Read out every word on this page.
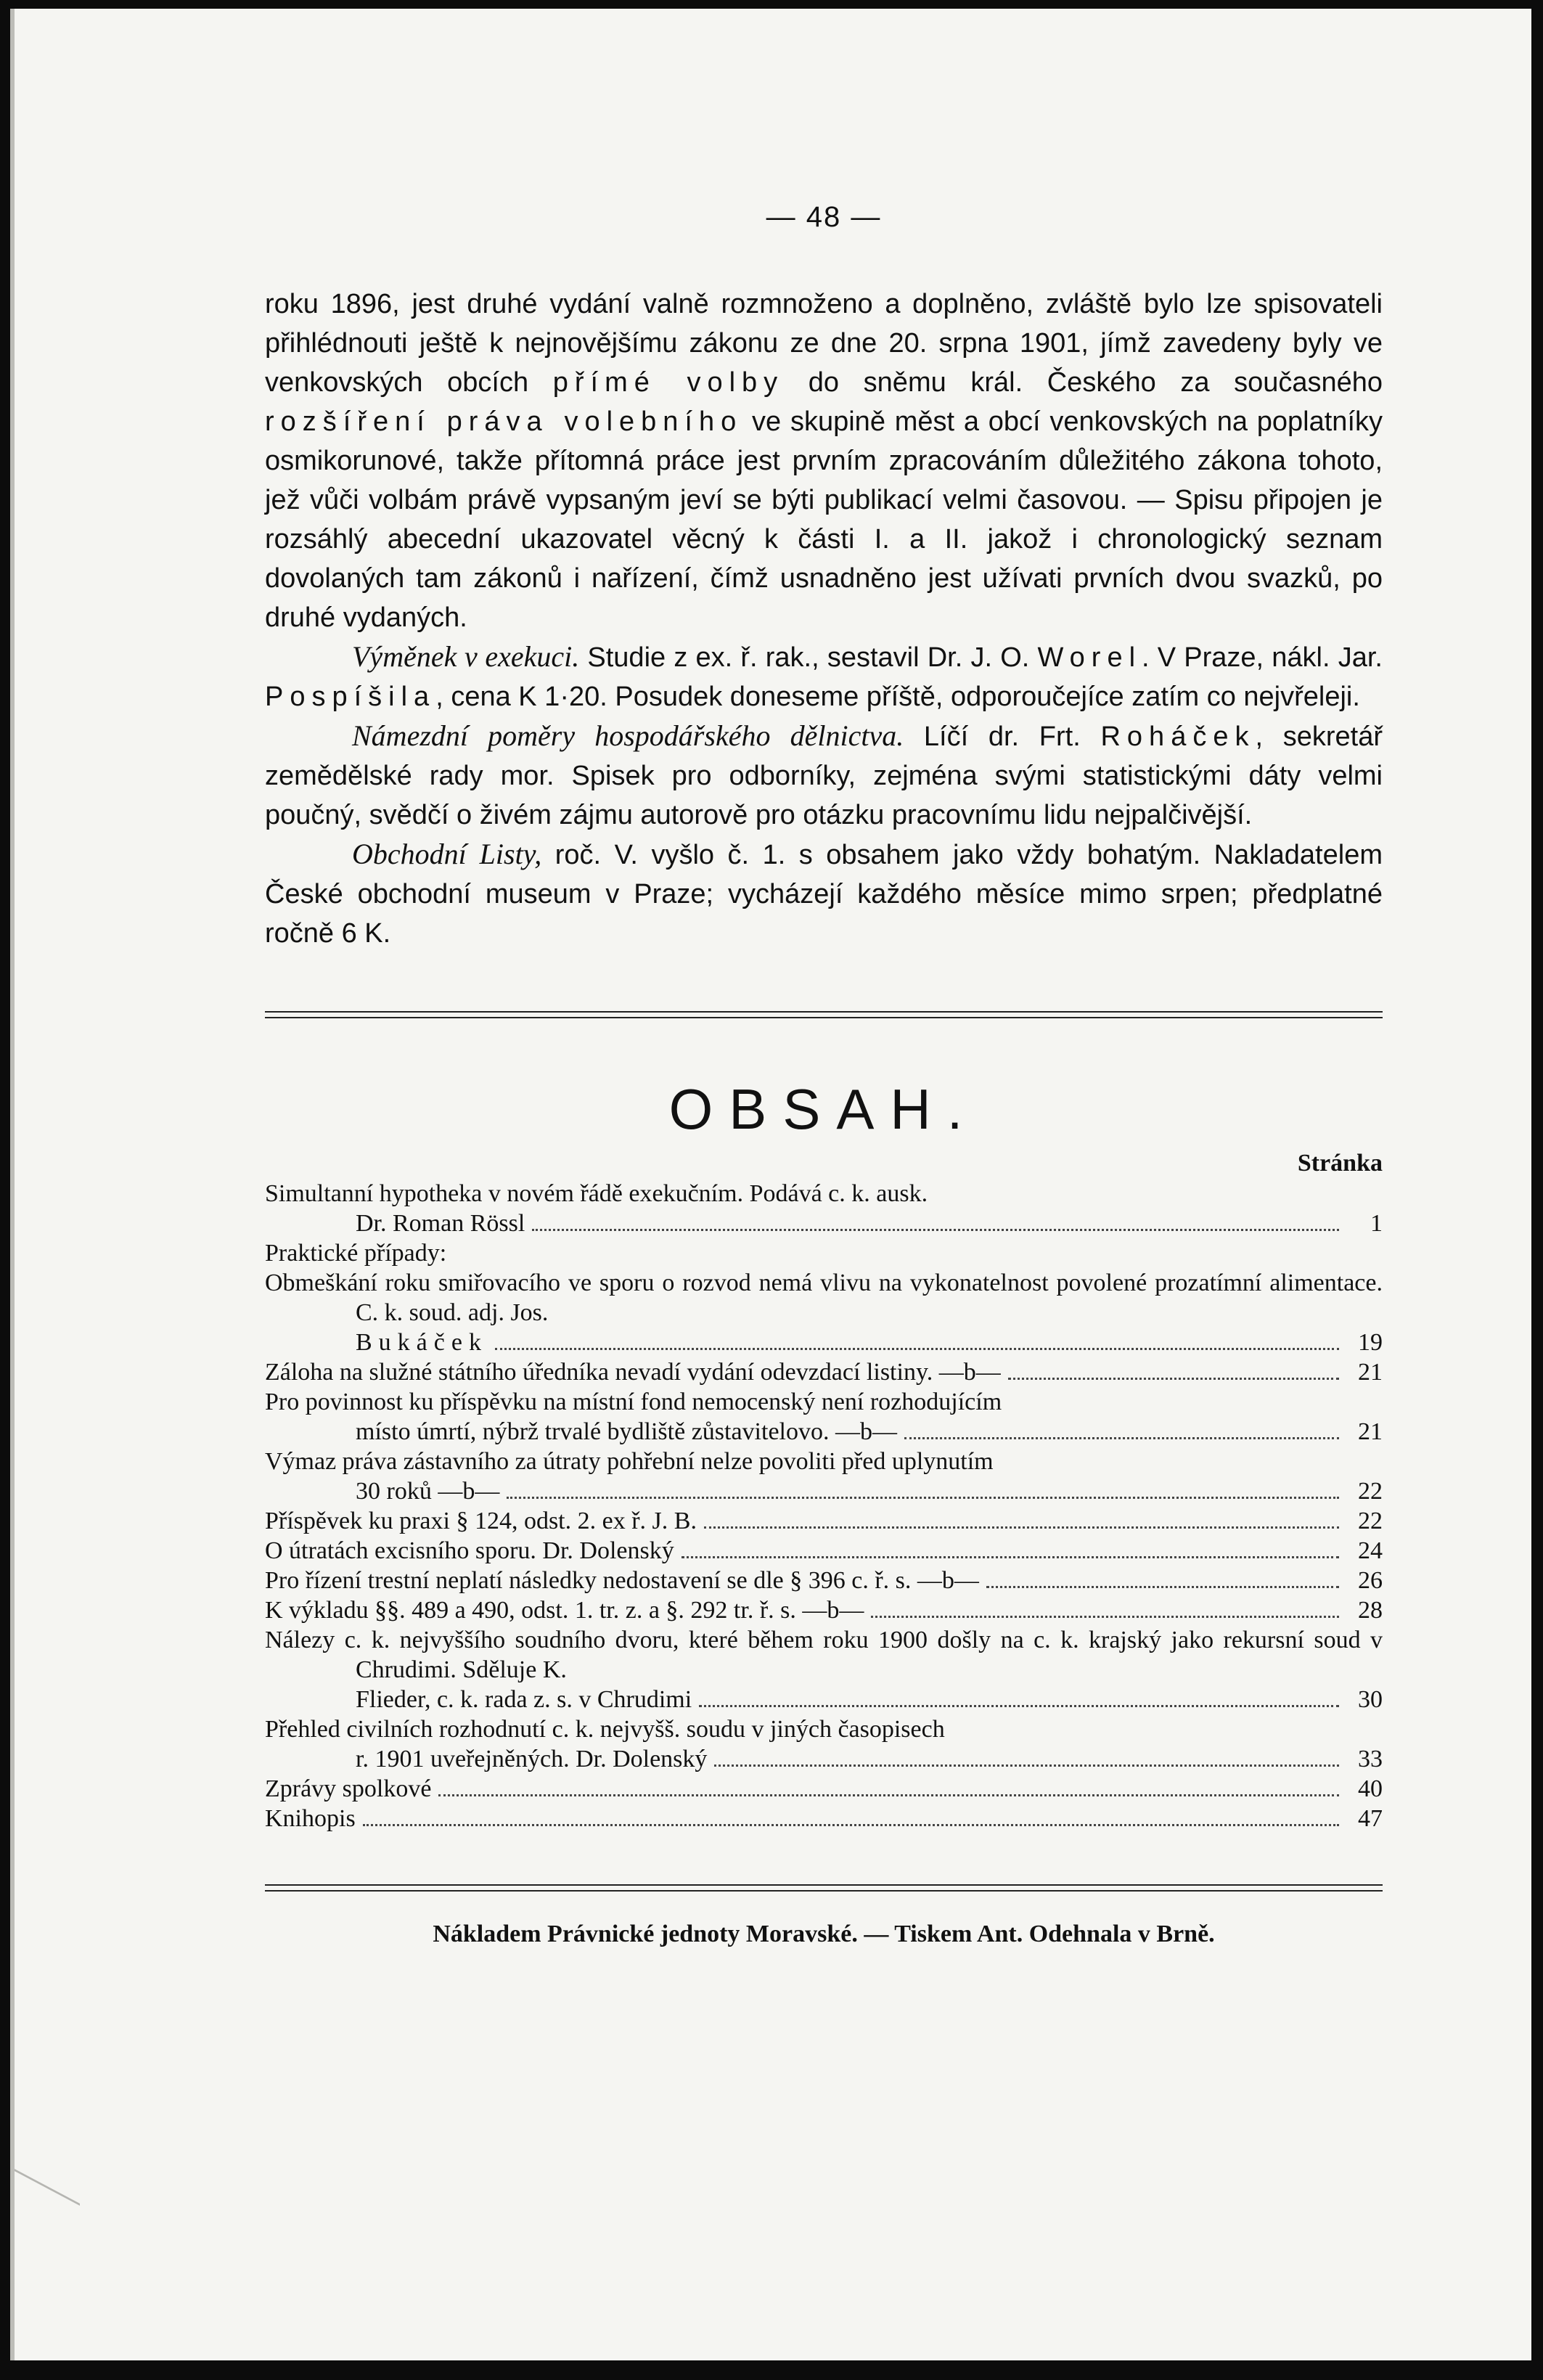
— 48 —

roku 1896, jest druhé vydání valně rozmnoženo a doplněno, zvláště bylo lze spisovateli přihlédnouti ještě k nejnovějšímu zákonu ze dne 20. srpna 1901, jímž zavedeny byly ve venkovských obcích přímé volby do sněmu král. Českého za současného rozšíření práva volebního ve skupině měst a obcí venkovských na poplatníky osmikorunové, takže přítomná práce jest prvním zpracováním důležitého zákona tohoto, jež vůči volbám právě vypsaným jeví se býti publikací velmi časovou. — Spisu připojen je rozsáhlý abecední ukazovatel věcný k části I. a II. jakož i chronologický seznam dovolaných tam zákonů i nařízení, čímž usnadněno jest užívati prvních dvou svazků, po druhé vydaných.

Výměnek v exekuci. Studie z ex. ř. rak., sestavil Dr. J. O. Worel. V Praze, nákl. Jar. Pospíšila, cena K 1·20. Posudek doneseme příště, odporoučejíce zatím co nejvřeleji.

Námezdní poměry hospodářského dělnictva. Líčí dr. Frt. Roháček, sekretář zemědělské rady mor. Spisek pro odborníky, zejména svými statistickými dáty velmi poučný, svědčí o živém zájmu autorově pro otázku pracovnímu lidu nejpalčivější.

Obchodní Listy, roč. V. vyšlo č. 1. s obsahem jako vždy bohatým. Nakladatelem České obchodní museum v Praze; vycházejí každého měsíce mimo srpen; předplatné ročně 6 K.

OBSAH.
Stránka
Simultanní hypotheka v novém řádě exekučním. Podává c. k. ausk.
Dr. Roman Rössl	1
Praktické případy:
Obmeškání roku smiřovacího ve sporu o rozvod nemá vlivu na vykonatelnost povolené prozatímní alimentace. C. k. soud. adj. Jos.
Bukáček	19
Záloha na služné státního úředníka nevadí vydání odevzdací listiny. —b—	21
Pro povinnost ku příspěvku na místní fond nemocenský není rozhodujícím
místo úmrtí, nýbrž trvalé bydliště zůstavitelovo. —b—	21
Výmaz práva zástavního za útraty pohřební nelze povoliti před uplynutím
30 roků —b—	22
Příspěvek ku praxi § 124, odst. 2. ex ř. J. B.	22
O útratách excisního sporu. Dr. Dolenský	24
Pro řízení trestní neplatí následky nedostavení se dle § 396 c. ř. s. —b—	26
K výkladu §§. 489 a 490, odst. 1. tr. z. a §. 292 tr. ř. s. —b—	28
Nálezy c. k. nejvyššího soudního dvoru, které během roku 1900 došly na c. k. krajský jako rekursní soud v Chrudimi. Sděluje K.
Flieder, c. k. rada z. s. v Chrudimi	30
Přehled civilních rozhodnutí c. k. nejvyšš. soudu v jiných časopisech
r. 1901 uveřejněných. Dr. Dolenský	33
Zprávy spolkové	40
Knihopis	47
Nákladem Právnické jednoty Moravské. — Tiskem Ant. Odehnala v Brně.
